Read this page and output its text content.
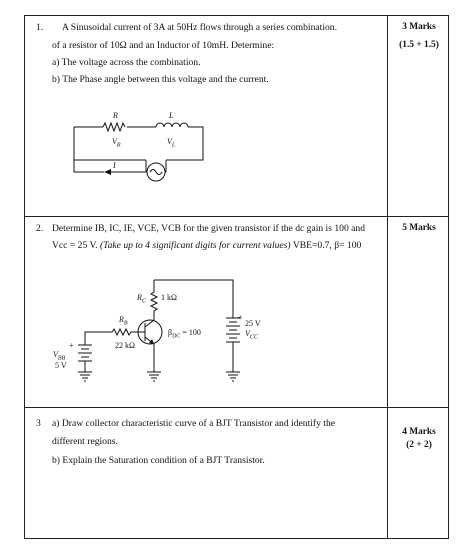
1. A Sinusoidal current of 3A at 50Hz flows through a series combination.
of a resistor of 10Ω and an Inductor of 10mH. Determine:
a) The voltage across the combination.
b) The Phase angle between this voltage and the current.
3 Marks
(1.5 + 1.5)
R	L
$V_R$	$V_L$
I
2. Determine IB, IC, IE, VCE, VCB for the given transistor if the dc gain is 100 and
Vcc = 25 V. (Take up to 4 significant digits for current values) VBE=0.7, β= 100
5 Marks
$R_C$ 1 kΩ
$R_B$
22 kΩ
$\beta_{DC} = 100$
+
25 V
$V_{CC}$
+
$V_{BB}$
5 V
3 a) Draw collector characteristic curve of a BJT Transistor and identify the
different regions.
b) Explain the Saturation condition of a BJT Transistor.
4 Marks
(2 + 2)
